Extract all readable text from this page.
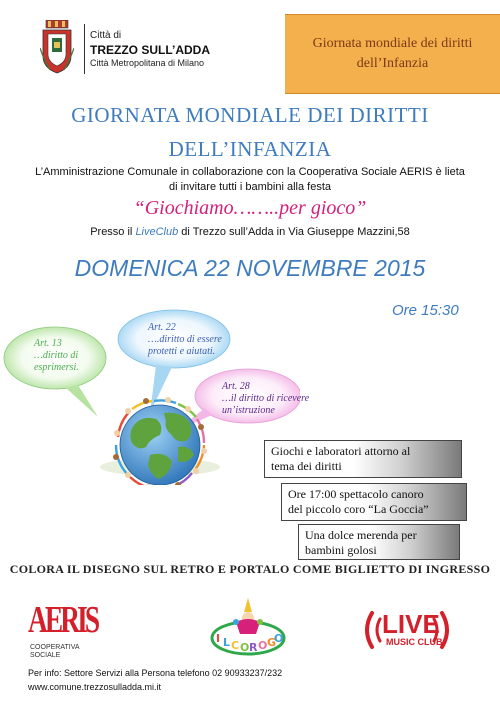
Città di
TREZZO SULL’ADDA
Città Metropolitana di Milano
Giornata mondiale dei diritti dell’Infanzia
GIORNATA MONDIALE DEI DIRITTI
DELL’INFANZIA
L’Amministrazione Comunale in collaborazione con la Cooperativa Sociale AERIS è lieta
di invitare tutti i bambini alla festa
“Giochiamo……..per gioco”
Presso il LiveClub di Trezzo sull’Adda in Via Giuseppe Mazzini,58
DOMENICA 22 NOVEMBRE 2015
Ore 15:30
Art. 13
…diritto di
esprimersi.
Art. 22
….diritto di essere
protetti e aiutati.
Art. 28
…il diritto di ricevere
un’istruzione
Giochi e laboratori attorno al
tema dei diritti
Ore 17:00 spettacolo canoro
del piccolo coro “La Goccia”
Una dolce merenda per
bambini golosi
COLORA IL DISEGNO SUL RETRO E PORTALO COME BIGLIETTO DI INGRESSO
AERIS
COOPERATIVA SOCIALE
I L C O R O G
O	LIVE
MUSIC CLUB
Per info: Settore Servizi alla Persona telefono 02 90933237/232
www.comune.trezzosulladda.mi.it
